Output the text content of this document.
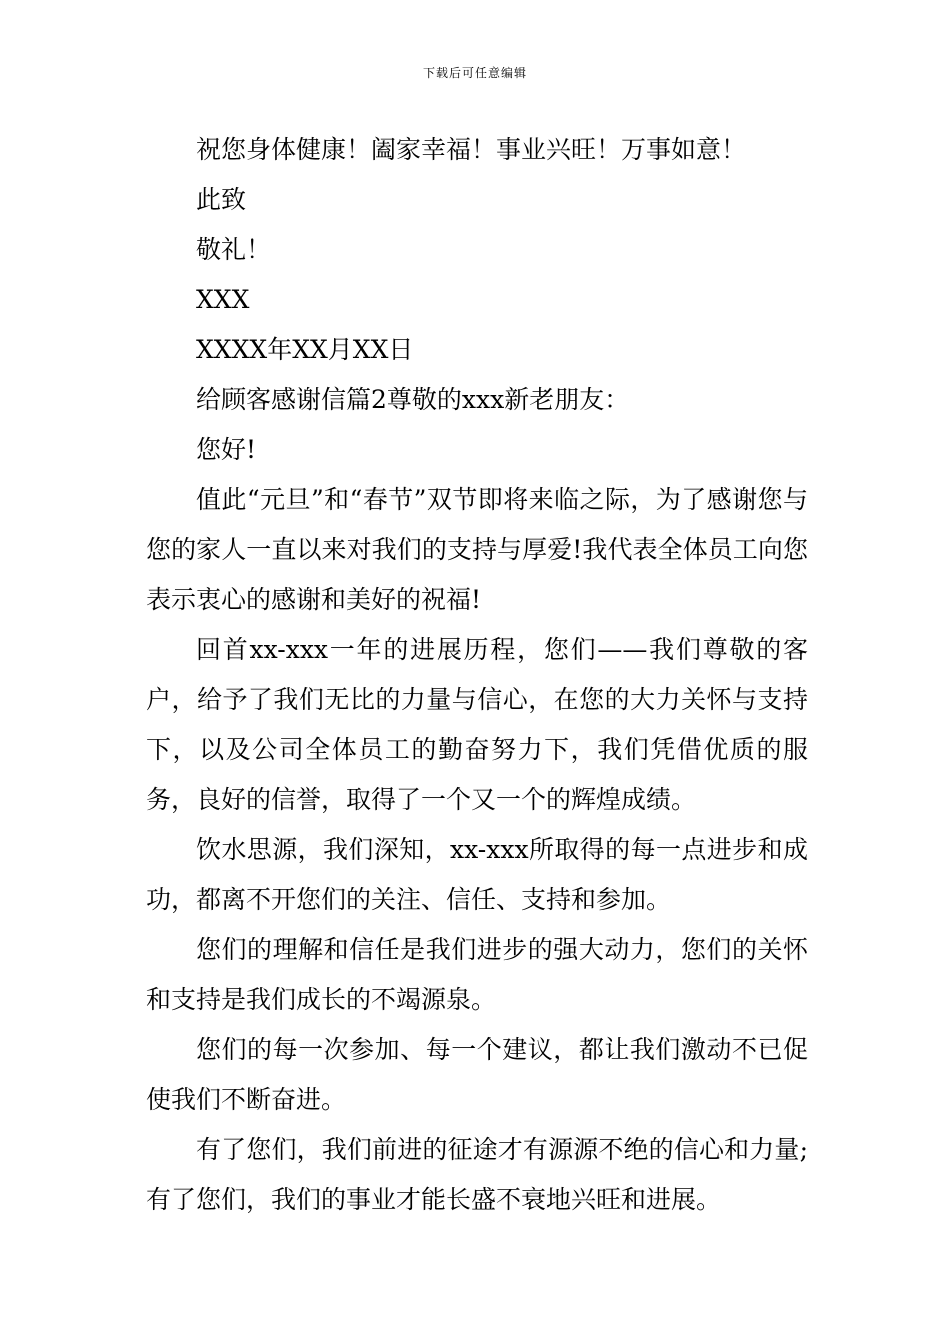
下载后可任意编辑

祝您身体健康！阖家幸福！事业兴旺！万事如意！

此致

敬礼！

XXX

XXXX年XX月XX日

给顾客感谢信篇2尊敬的xxx新老朋友：

您好!

值此“元旦”和“春节”双节即将来临之际，为了感谢您与您的家人一直以来对我们的支持与厚爱!我代表全体员工向您表示衷心的感谢和美好的祝福!

回首xx-xxx一年的进展历程，您们——我们尊敬的客户，给予了我们无比的力量与信心，在您的大力关怀与支持下，以及公司全体员工的勤奋努力下，我们凭借优质的服务，良好的信誉，取得了一个又一个的辉煌成绩。

饮水思源，我们深知，xx-xxx所取得的每一点进步和成功，都离不开您们的关注、信任、支持和参加。

您们的理解和信任是我们进步的强大动力，您们的关怀和支持是我们成长的不竭源泉。

您们的每一次参加、每一个建议，都让我们激动不已促使我们不断奋进。

有了您们，我们前进的征途才有源源不绝的信心和力量;有了您们，我们的事业才能长盛不衰地兴旺和进展。
